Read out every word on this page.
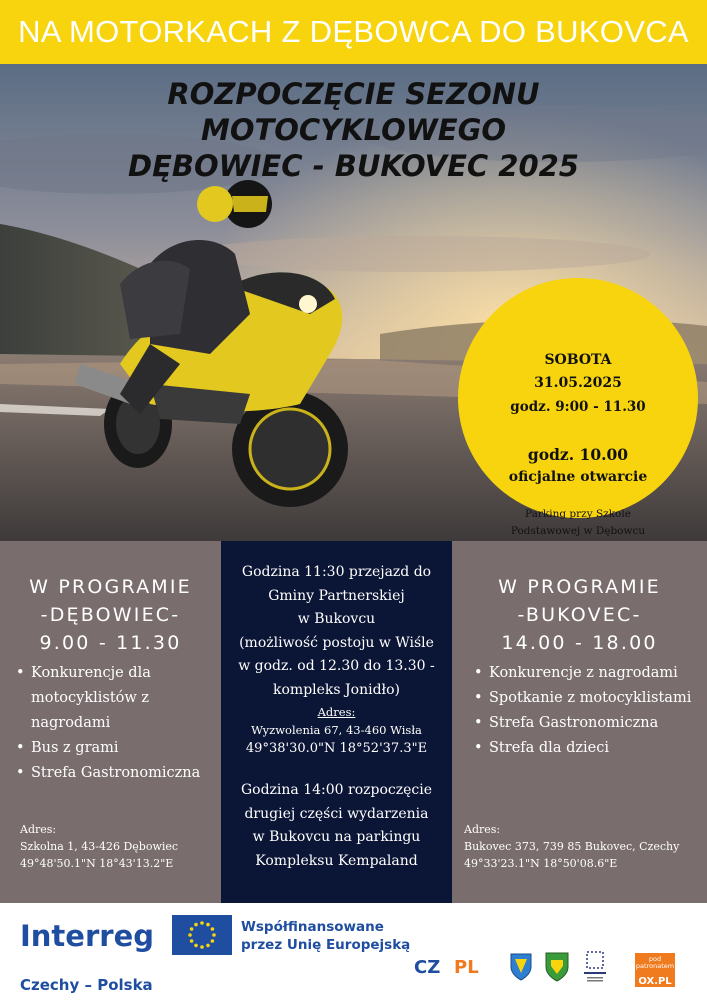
NA MOTORKACH Z DĘBOWCA DO BUKOVCA
ROZPOCZĘCIE SEZONU
MOTOCYKLOWEGO
DĘBOWIEC - BUKOVEC 2025
SOBOTA
31.05.2025
godz. 9:00 - 11.30
godz. 10.00
oficjalne otwarcie
Parking przy Szkole
Podstawowej w Dębowcu
W PROGRAMIE
-DĘBOWIEC-
9.00 - 11.30
• Konkurencje dla motocyklistów z nagrodami
• Bus z grami
• Strefa Gastronomiczna
Adres:
Szkolna 1, 43-426 Dębowiec
49°48'50.1"N 18°43'13.2"E
Godzina 11:30 przejazd do
Gminy Partnerskiej
w Bukovcu
(możliwość postoju w Wiśle
w godz. od 12.30 do 13.30 -
kompleks Jonidło)
Adres:
Wyzwolenia 67, 43-460 Wisła
49°38'30.0"N 18°52'37.3"E
Godzina 14:00 rozpoczęcie
drugiej części wydarzenia
w Bukovcu na parkingu
Kompleksu Kempaland
W PROGRAMIE
-BUKOVEC-
14.00 - 18.00
• Konkurencje z nagrodami
• Spotkanie z motocyklistami
• Strefa Gastronomiczna
• Strefa dla dzieci
Adres:
Bukovec 373, 739 85 Bukovec, Czechy
49°33'23.1"N 18°50'08.6"E
Interreg
Czechy – Polska
Współfinansowane
przez Unię Europejską
CZ PL	pod patronatem
OX.PL
